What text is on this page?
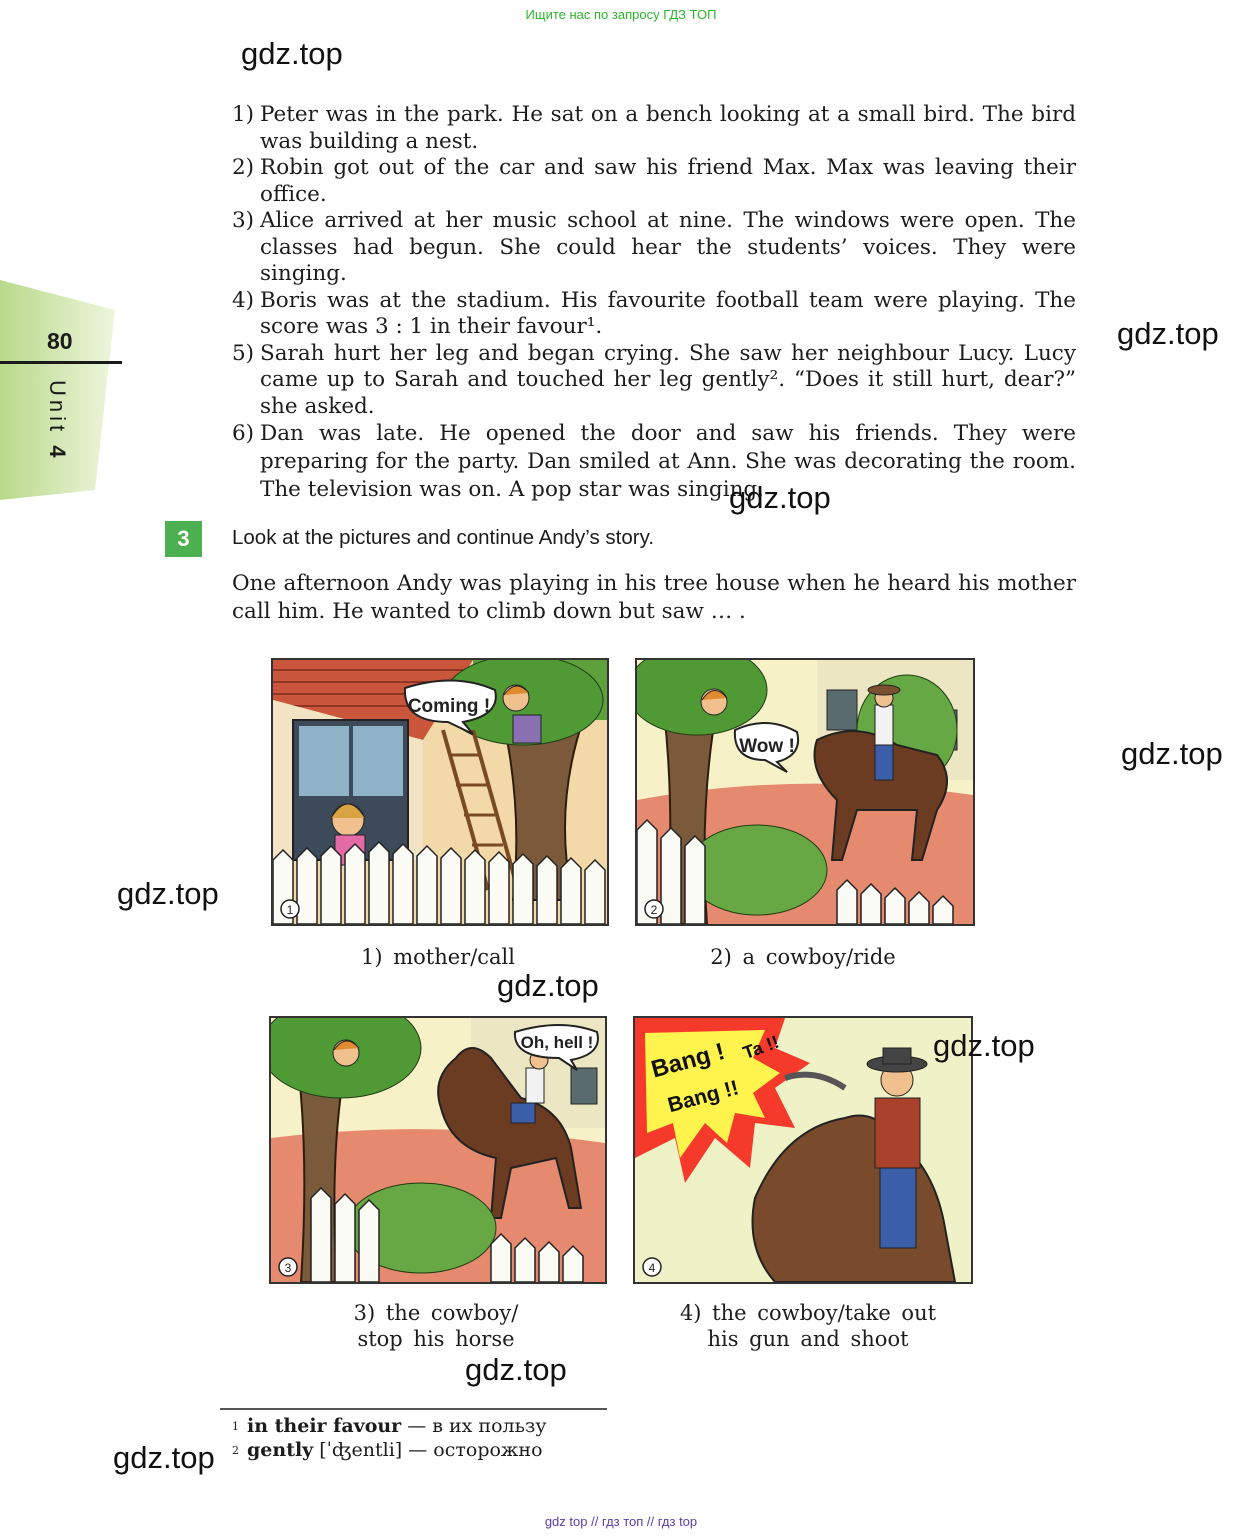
Ищите нас по запросу ГДЗ ТОП
80
Unit 4
1) Peter was in the park. He sat on a bench looking at a small bird. The bird was building a nest.
2) Robin got out of the car and saw his friend Max. Max was leaving their office.
3) Alice arrived at her music school at nine. The windows were open. The classes had begun. She could hear the students’ voices. They were singing.
4) Boris was at the stadium. His favourite football team were playing. The score was 3 : 1 in their favour¹.
5) Sarah hurt her leg and began crying. She saw her neighbour Lucy. Lucy came up to Sarah and touched her leg gently². “Does it still hurt, dear?” she asked.
6) Dan was late. He opened the door and saw his friends. They were preparing for the party. Dan smiled at Ann. She was decorating the room. The television was on. A pop star was singing.
3	Look at the pictures and continue Andy’s story.
One afternoon Andy was playing in his tree house when he heard his mother call him. He wanted to climb down but saw … .
Coming !
1
Wow !
2
1) mother/call	2) a cowboy/ride
Oh, hell !
3
Bang !
Bang !!
Ta !!
4
3) the cowboy/
stop his horse
4) the cowboy/take out
his gun and shoot
$^1$ in their favour — в их пользу
$^2$ gently [ˈʤentli] — осторожно
gdz.top
gdz.top
gdz.top
gdz.top
gdz.top
gdz.top
gdz.top
gdz.top
gdz.top
gdz top // гдз топ // гдз top
